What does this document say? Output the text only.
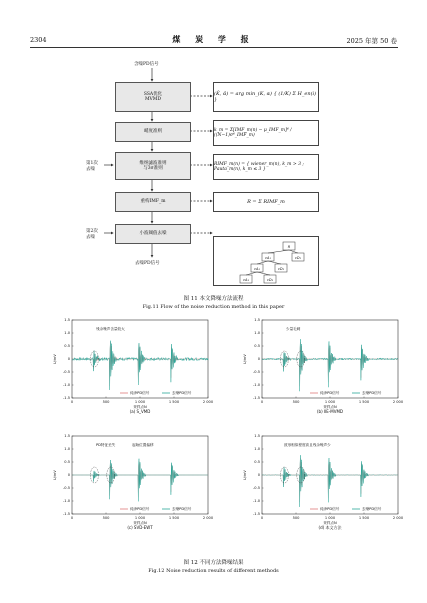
2304	煤 炭 学 报	2025 年第 50 卷
R
cA₁	cD₁
cA₂	cD₂
cA₃	cD₃
含噪PD信号
SSA优化
MVMD
峭度准则
维纳滤波准则
与3σ准则
重构IMF_m
小波阈值去噪
去噪PD信号
第1次
去噪
第2次
去噪
(K̂, α̂) = arg min_(K, α) { (1/K) Σ H_en(i) }
k_m = Σ[IMF_m(n) − μ_IMF_m]⁴ / ((N−1)σ⁴_IMF_m)
RIMF_m(n) = { wiener_m(n), k_m > 3 ; Pauta_m(n), k_m ≤ 3 }
R = Σ RIMF_m
图 11 本文降噪方法流程
Fig.11 Flow of the noise reduction method in this paper
1.5
1.0
0.5
0
-0.5
-1.0
-1.5
0	500	1 000	1 500	2 000
U/mV
采样点N
(a) S_VMD
纯净PD信号	去噪PD信号
残余噪声含量较大
1.5
1.0
0.5
0
-0.5
-1.0
-1.5
0	500	1 000	1 500	2 000
U/mV
采样点N
(b) IIE-MVMD
纯净PD信号	去噪PD信号
少量毛刺
1.5
1.0
0.5
0
-0.5
-1.0
-1.5
0	500	1 000	1 500	2 000
U/mV
采样点N
(c) SVD-EWT
纯净PD信号	去噪PD信号
PD特征丢失	起始位置偏移
1.5
1.0
0.5
0
-0.5
-1.0
-1.5
0	500	1 000	1 500	2 000
U/mV
采样点N
(d) 本文方法
纯净PD信号	去噪PD信号
波形相似程度高且残余噪声少
图 12 不同方法降噪结果
Fig.12 Noise reduction results of different methods
